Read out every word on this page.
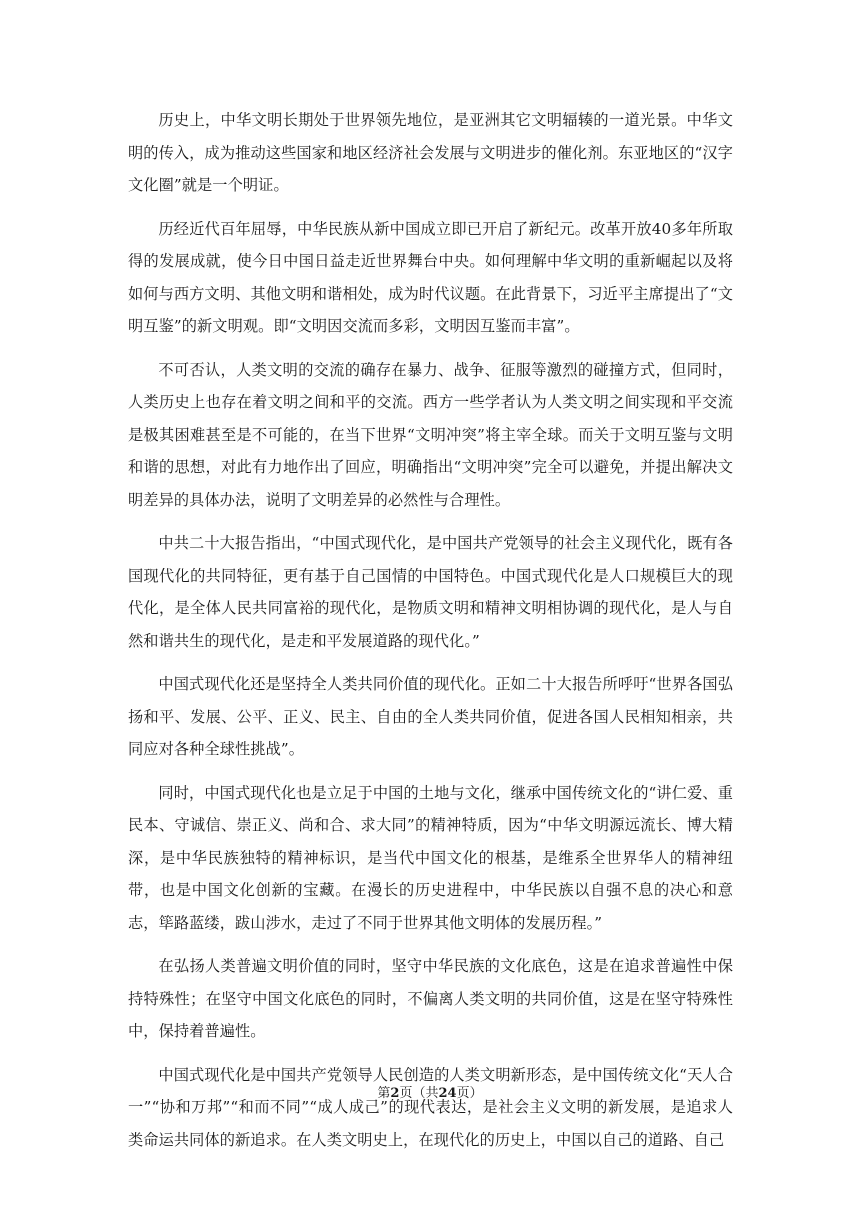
历史上，中华文明长期处于世界领先地位，是亚洲其它文明辐辏的一道光景。中华文明的传入，成为推动这些国家和地区经济社会发展与文明进步的催化剂。东亚地区的“汉字文化圈”就是一个明证。

历经近代百年屈辱，中华民族从新中国成立即已开启了新纪元。改革开放40多年所取得的发展成就，使今日中国日益走近世界舞台中央。如何理解中华文明的重新崛起以及将如何与西方文明、其他文明和谐相处，成为时代议题。在此背景下，习近平主席提出了“文明互鉴”的新文明观。即“文明因交流而多彩，文明因互鉴而丰富”。

不可否认，人类文明的交流的确存在暴力、战争、征服等激烈的碰撞方式，但同时，人类历史上也存在着文明之间和平的交流。西方一些学者认为人类文明之间实现和平交流是极其困难甚至是不可能的，在当下世界“文明冲突”将主宰全球。而关于文明互鉴与文明和谐的思想，对此有力地作出了回应，明确指出“文明冲突”完全可以避免，并提出解决文明差异的具体办法，说明了文明差异的必然性与合理性。

中共二十大报告指出，“中国式现代化，是中国共产党领导的社会主义现代化，既有各国现代化的共同特征，更有基于自己国情的中国特色。中国式现代化是人口规模巨大的现代化，是全体人民共同富裕的现代化，是物质文明和精神文明相协调的现代化，是人与自然和谐共生的现代化，是走和平发展道路的现代化。”

中国式现代化还是坚持全人类共同价值的现代化。正如二十大报告所呼吁“世界各国弘扬和平、发展、公平、正义、民主、自由的全人类共同价值，促进各国人民相知相亲，共同应对各种全球性挑战”。

同时，中国式现代化也是立足于中国的土地与文化，继承中国传统文化的“讲仁爱、重民本、守诚信、崇正义、尚和合、求大同”的精神特质，因为“中华文明源远流长、博大精深，是中华民族独特的精神标识，是当代中国文化的根基，是维系全世界华人的精神纽带，也是中国文化创新的宝藏。在漫长的历史进程中，中华民族以自强不息的决心和意志，筚路蓝缕，跋山涉水，走过了不同于世界其他文明体的发展历程。”

在弘扬人类普遍文明价值的同时，坚守中华民族的文化底色，这是在追求普遍性中保持特殊性；在坚守中国文化底色的同时，不偏离人类文明的共同价值，这是在坚守特殊性中，保持着普遍性。

中国式现代化是中国共产党领导人民创造的人类文明新形态，是中国传统文化“天人合一”“协和万邦”“和而不同”“成人成己”的现代表达，是社会主义文明的新发展，是追求人类命运共同体的新追求。在人类文明史上，在现代化的历史上，中国以自己的道路、自己

第2页（共24页）
